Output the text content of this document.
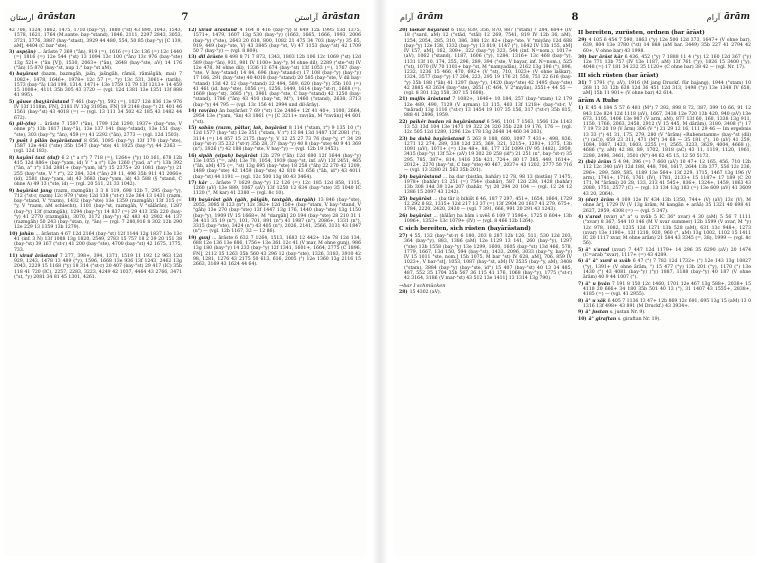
ارستان ārāstan	7	آراستن ārāstan
42 706, 1324, 1862, 1475, 1710 (bay-°y), 1880 (°st) 43 890, 1043, 1543, 1578, 1621, 1764 (M.sante. bay-°stand), 1846, 2111, 2297 2843, 3053, 3721, 3776, 3887 (bay-°stast), 3929 44 480, 554, 50 85 (bay-°y) [C 139, aM], 4404 (C bar °ste).
3) asp(ān) ... ārāste 7 369 (°ān), 919 (=), 1616 (=) 12c 136 (=) 12c 1440 (=) 1816 (=) 12e 544 (°st) 13 1094 13c 100 (°ān) 13c 976 (bay-°ste) 13g 521+ (°ān [V]), 1530, 2063+ (°ān), 2648 (bay-°ste, aV) 14 176 (°ān) 15 870 (bay-°st, aup 1.° bay-°st aM).
4) bayārast (bazm, bazmgāh, jašn, jašngāh, rāmiš, rāmišgāh, mai) 7 1082+, 1478, 1646+, 1978+ 12c 57 (=, °y) 13c 531, 3061+ (tariḥ), 1573 (bay-°ā) 13d 199, 1314, 1471+ 13e 1759 13 79 13f 1213+ 14 459 15 1008+, 4111 35b 305 43 3720 — (vgl. 12d 1381 13e 1351 13f 888 41 995).
5) gāuse (bay)ārāstand 7 461 (bay-°y), 592 (=), 1027 12d 836 13e 976 IV 13f 1118m, FN], 2181 IV 13g 3195m, FN] 19 2148 (bay-°) 21 401 46 1561 (bay-°st) 43 4018 (=) — (vgl. 13 111 34 502 42 185 43 1482 44 672).
6) pil-(dn) ... ārāste 7 1597 (°ān), 1799 12d 1290, 1937+ (bay-°ste, V ohne p°) 13b 1817 (bay-°ā), 13e 137 141 (bay-°stand), 13e 151 (bay-°ste), 303 (bay-°y, °ān), 459 (=) 41 2292 (°ān), 2773 — (vgl. 12d 1503).
7) pušt i pīlān bayārāstand 8 656, 1095 (bay-°y) 13f 170 (bay-°ste), 1587 12e 443 (°ste) 35b 1547 (bay-°ste) 41 1025 (bay-°y) 44 2363 — (vgl. 12d 183).
8) kayānī taxt (daf) 6 2 (° a r°) 7 718 (=), 1264+ (°y) 10 161, 678 12b 415 12d 886+ (bay-°yam, id) V ° a r°) 12e 1260 (°yad, a° r°) 13b 392 (°ān, a° r°) 13d 2881+ (bay-°yam, id°) 15 2375+ 20 1081 (bay-°y) 21 255 (bay-°ste, V ° r°), 22 284, 324 (°ān) 29 11, 496 35b 911 41 2066+ (id), 2581 (bay-°yam, id) 43 3683 (bay-°yam, id) 43 588 (§ °stand, C ohne A) 49 13 (°ste, id) — (vgl. 20 511, 21 33 1042).
9) bayārāst jang (razm, razmgāh) 3 3 8 119, 698 12b 7, 295 (bay-°y), 712 (°st-r, razm) 12c 979 (°ste) 12d 138 (°st-r) 12e 364 13 1431 (razm, bay-°stand, V °razm), 1432 (bay-°ste) 13e 1359 (razmgāh) 13f 315 (= °y, V °razm, aM schlecht), 1101 (bay-°st, razmgāh, V °sālārān), 1287 (bay-°y) 13f (razmgāh), 1294 (bay-°y) 14 837 (=) 29 413 35b 220 (bay-°y) 41 2770 (razmgāh), 3070, 3172 (bay-°y) 42 483 43 2902 44 137 (razmgāh) 50 243 (bay-°stan, iy, °ān) — (vgl. 7 280,916 8 302 12b 290 12e 229 13 1359 13b 1279).
10) jahān ... ārāstan 4 67 12d 2164 (bay-°st) 12f 1144 12g 1837 13e 13c 41 (inf. 3 N) 13f 1088 13g 1820, 2549, 2783 15 757 18 2 39 20 151 38 (bay-°st) 39 167 (°st-r) 41 200 (bay-°ste), 4700 (bay-°st) 42 1675, 1775, 733.
11) xirad ārāstand 7 277, 398+, 394, 1371, 1519 11 192 12 963 12d 929, 1243, 1478 13 489 (°y), 1596, 1668 13e 936 13f 1243, 2462 13g 2043, 2229 15 1168 (°y) 18 314 (°st-r) 20 407 (bay-°st) 29 417 (IC) 35b 118 41 720 (IC), 2257, 2283, 3223, 4249 42 1037, 4464 43 2766, 3471 (°st, °y) 2081 34 81 45 1301, 4261.
12) xirad ārāstand 4 164 8 416 (bay-°y) 8 649 12a 1995 13d 1375, 1571+, 1479, 1607 13g 530 (bay-°y) (1663, 1665, 1666, 1993, 2006 (bay-°y) (°ste), 2643 20 618, 800, 1082 21 475 34 703 (bay-°y) 35 65, 919, 449 (bay-°ste, V) 43 3845 (bay-°st, V) 47 1153 (bay-°st) 42 1709 50 7 (bay-°y) — (vgl. 8 809).
13) dil ārāste 8 498 8 71 7 873, 1343, 1803 12b 106 12c 1069 (°st) 12d 589 (bay-°ān), 931, 981 IV 1100+ bay-°y, M ohne dil), 2289 (°ste-°st) IV 12e 478, M ohne dil), 1336 13 674 (bay-°st) 13f 1053 (=), 1767 (bay-°ste, V bay-°stand) 14 84, 696 (bay-°stand-r) 17 108 (bay-°y) (bay-°y) 17 166, 291 (bay-°ste) 40 4018 (bay-°stand) 20 585 (bay-°ste, V dil bay-°stand) 13d 42 12 (bay-°stand) 22 494, 589, 620 (bay-°y) 35b 103 (=) 41 461 (id, bay-°ste), 1056 (=), 1256, 1449, 1614 (bay-°st-r), 1668 (=), 1669 (bay-°st), 3685 (°y), 3961 (bay-°ste, C bay-°stand) 42 1250 (bay-°stand), 1786 (°ān) 43 410 (bay-°st, M°), 1460 (°stand), 2638, 3713 (bay-°y) 44 795 — (vgl. 13c 156 41 2994 und dil-ārāy).
14) rav(ān) ān bayārāst 7 69 (°st) 12e 2486+ 12f 41 40+, 1100, 2664, 2954 13e (°yam, °ān) 43 1861 (=) [C 3211+ rav(ān, M °ravān)] 44 601 (°st).
15) sabān (razm, pāltar, lak, bayārāst 8 114 (°stam, r°) 9 135 10 (°) 12d 1577 (bay-°st) 12e 351 (°stam, V r°) 13 84 13d 1487 13f 2081 (°r), 3114 (=) 14 857 15 2175 (bay-°y, V 12 25 27 73 76 (bay-°y, r° 34 29 (bay-°st-r) 35 232 (°st-r) 35b 28, 37 (bay-°y) 40 8 (bay-°ste) 40 9 41 369 (n°), 3926 (°) 42 188 (bay-°ste, V bay-°y) — (vgl. 12b 19 1453).
16) sipāh (sipah) bayārāst 12b 279 (°āh) 12d 680 12f 1644 (bay-°y) 13e 1055 (°=, aM) 13e 70, 1054, 1939 (bay-°st, inf. aV) 13f 2451, 465 (°āh, aM) 475 (=, °st) 13g 695 (bay-°ste) 18 258 (°āh) 22 270 42 1209, 1489 (bay-°ste) 42 1459 (bay-°ste) 42 810 43 656 (°āh, id°) 43 4011 (bay-°st) 44 1191 — (vgl. 12c 500 13g 80 43 3464).
17) kār ... ārāste 7 1629 (bay-°y) 12 126 (=) 12c 185 12d 858, 1115, 1260 (aV) 13e 889, 1067 (aV) 13f 1250 12 634 (bay-°ste) 35 1040 IC 1120 (°, M kar) 41 2380 — (vgl. 8c 10).
18) bayārāst gāh (gāh, pālgāh, taxtgāh, dargāh) 13 846 (bay-°ste), 2055, 3085 8 123 (n°) 12c 382+ 12d 150+ (bay-°stam, V bay-°stand, V °gāh) 13e 270 (bay-°ste) 13f 1447 13g 176, 1440 (bay-°ste) 13g 1150 (bay-°y), 1909 IV 15 1668+, M °dargāh] 20 194 (bay-°ste) 28 210 31 1 34 411 35 19 (n°), 101, 701, 891 (n°) 41 1987 (n°), 2086+, 1331 (n°), 3315 (bay-°ste), 3424 (n°) 43 405 (n°), 2026, 2141, 2566, 3131 43 1847 (n°) — (vgl. 12b 1167, 32 — 12 86).
19) gunj ... ārāste 6 632 7 1264, 1513, 1683 12 442+ 12e 78 12d 134, 688 12e 136 13e 686, 1756+ 13e 361 12c 41 (V mar, M ohne gunj), 986 13g 180 (bay-°y) 14 233 (bay-°y) 12f 1341, 1601+, 1664, 2775 (C 1896, FN], 2112 35 1263 35b 560 43 296 12 (bay-°ste), 1326, 3183, 3910 42 98, 1281, 1276 43 2175 50 613, 616, 2005 (°) 12e 1360 13g 2116 15 2663, 3169 43 1624 44 64).
آرام ārām	8	آرام ārām
20) laškar bayārāst 6 183, 839, 356, 870, 887 (°stam) 7 284, 604+ (IV 18 (°sard, aM) 12 (°stād, °stāl) 12 269, 7541, 819 IV 12b 36, aM), 1254, 2054, 285, 310, 386, 388 12c 82+ (bay-°ste, V °miyān) 12d 688 (bay-°y) 12e 138, 1332 (bay-°y) 13 819, 1147 (°), 1642 IV 13b 155, aM] IV 157, aM], 162, 309+, 322 (bay-°y) 323, 544 (inf. N=nom.), 1017+ (aV), 1062 (°stand), 1187, 1606 (°y), 1284, 1316+ 13c 468 (bay-°y), 1131 13f 10, 174, 255, 296, 289, 394 (°ste, V bayar, inf. N=nom.), 525 (°st), 1070 (IV 70 1101+ bay-°st, M °namyadān), 2162 13g 196 (°), 896, 1232, 1236 15 466, 470, 692+ (V °st), 710, 1023+ (V ohne laškar), 1324, 3577 (bay-°y) 17 204, 223, 295 19 176 21 558, 751 22 616 (bay-°y) 35b 188 (°āh) 41 1297 (bay-°y), 1420 (bay-°ste) 42 1495 (bay-°ste) 42 3885 43 2634 (bay-°ste), 2651 (C 464, V 2°miyān), 3551+ 44 55 — (vgl. 8 301 12g 158, 307 15 1608).
21) majlis ārāstand 7 1082+, 1646+ 10 184, 257 (bay-°stam) 12 179 12e 489, 490, 7129 (V ayman) 13 115, 403 13f 1218+ (bay-°st-r, V °mārad) 13g 1116 (°st-r) 13 1454 19 107 35 156, 317 (°st-r) 35b 815, 888 41 2896, 1959.
22) paīkēr budan rā bayārāstand 6 546, 1101 7 1563, 1566 12e 1143 13 53 13d 104 13e 1471 19 322 24 320 35b 228 19 176, 176 — (vgl. 12c 505 12d 1289, 1296 12e 178 13g 2648 14 460 34 203).
23) ba dahā bayārāstand 5 263 8 188, 680, 1097 7 431+, 498, 836, 1271 12 274, 289, 338 12d 235, 369, 321, 1215+, 1293+, 1375, 13b 1091 (aV), 1071+ (=) 13e 48+, 86, 177 13f 1099 (IV 95 1482), 2959, 3415 (bay-°y) 13f 52+ (aV) 19 302 20 258 (id°) 21 251 (n°, bay-°st-r) 35 295, 785, 387+, 814, 1416 35b 421, 724+, 80 17 385, 449, 1614+, 2012+, 2270 (bay-°st, C bay-°ste) 40 467, 2037+ 43 1202, 2777 50 716 — (vgl. 13 3280 21 563 35b 201).
24) bayārāstand ... ba dar (bistān, bahār) 12 78, 98 13 (bistān) 7 1475, 1978+ (bahār) 13 251 (=) 754+ (bahār), 587 12d 238, 1428 (bahār) 13b 308 14d 39 12e 207 (bahār, °y) 20 294 20 104 — (vgl. 12 24 12 1386 15 2097 43 1242).
25) bayārāst ... (ba tār i) bihišt 6 46, 187 7 297, 451+, 1654, 1664, 1729 12 292 8 82, 1315+ 12d 217 13 37 (=) 13f 2904 20 1617 41 279, 675+, 1784, 2220, 2420, 2430 — (vgl. 7 391, 666, 991 20 291 43 1243).
26) bayārāst ... (bālār) ba bām i xvēš 6 109 7 1596+, 1725 8 604+ 13b 1096+, 1353+ 13c 1079+ (IV) — (vgl. 8 466 12b 1264).
C sich bereiten, sich rüsten (bayārāstand)
27) 4 55, 132 (bay-°st-r) 6 180, 203 8 287 12b 126, 511, 530 12d 203, 364 (bay-°y), 883, 1386 (aM) 12e 1129 13 141, 260 (bay-°y), 1297 (°ste) 13b 1558 (bay-°y) 13e 1299, 1600, 1605 (bay-°st) 13d 466, 578, 1779, 1667, 13d 150, 594 (bay-°st), 1433, 2096, 3033 (bay-°y, bay-°y) IV 15 1011 °ste, nom.] 15b 1075, M bar °st) IV 628, aM], 706, 859 IV 1023+, V bar-°st], 1053, 1087 (bay-°st, aM) IV 3535 (bay-°y, aM), 3408 (°stam), 3884 (bay-°y) (bay-°ste, id°) 15 407 (bay-°st) 40 13 34 485, 487, 552 35 1704 35b 567 36 115 41 176, 1068 (bay-°y), 1775 (°st-r) 42 3164, 3186 (V mar-°st) 43 512 13e 1411] 13 1314 13g 790).
→bar I schmücken
28) 15 4302 (aV).
II bereiten, zurüsten, ordnen (bar ārāst)
29) 4 105 6 454 7 590, 1863 (°y) 12e 500 12d 373, 1647+ (V ohne bar), 639, 804 13e 3780 (°st) 14 888 (aM bar. 3449) 35b 227 41 2794 42 60+, V ohne bar) 43 1998.
30) bar ārāst kār 6 436, 452 (°y) 7 1888 11 4 (°y) 12 160 12d 367 (°y) 12e 771 13b 757 (IV 13e 1187, aM) 13f 761 (°y), 1826 15 3400 (°y), 4048 (=) 17 181 34 232 35 1120+ (C ohne bar) 38 42 — (vgl. Nr. 17).
III sich rüsten (bar ārāst)
31) 7 1791 (°y, aV), 1916 (M jang Druckf. für bajang), 1944 (°stam) 10 268 11 33 12b 638 12d 36 451 12d 313, 1498 (°y) 13e 1348 IV 658, aM] 15b 11 901+ (V ohne bar) 42 614.
ārām A Ruhe
1) E 45 4 184 5 57 6 481 (M°) 7 392, 898 8 72, 387, 399 10 66, 91 12 843 12e 824 12d 1118 (aV), 1667, 3438 12e 720 13b 420, 940 (aV) 13e 673, 1105, 1406 13e 987 (V arm, aM), 877 13f 60, 160, 1338 13g 911, 1150, 1766, 2063, 2458, 2912 (V 15 445, M dārām), 3180, 3408 (°) 17 7 19 73 20 19 (V ārm) 306 (V °) 21 29 12 16, 111 29 46 — Im ergebnis 13 33 (°) 41 31, 175, 279, 280 (V °ārām) «Rubenstamm» (bay-°st (dil) (°) (aC)), 659 23 311, 471 (M°) 34 68 — 35 181 (°), 10 (aV) 41 259, 1084, 1087, 1423, 1603, 2255 (=), 2565, 3233, 3629, 4004, 4668 (), 4686 (°y, aM) 42 88, 89, 1702, 1818 (aC) 43 11, 1119, 1120, 1961, 2280, 2496, 3461, 3501 (N°) 44 62 45 15, 12 50 5173.
2) (bā) ārām 5 4 94, 396 (=) 7 660 (aV) 10 47+ 12 165, 456, 710 12b 112 12c 340 (aV) 12d 188, 448, 706, 1617, 2644 13b 377, 556 12c 236, 296+, 299, 589, 585, 1189 13e 564+ 13f 229, 1715, 1467 13g 196 (V arm), 1741+, 1716, 1761 (IV), 1781, 2133+ 15 1187+ 17 189 (C 20 171, M °ārāmī) 20 28, 133, 213 41 545+, 836+, 1324+, 1459, 1863 43 2080, 1751, 2577 (C) — (vgl. 13 134 13g 183 (=) 13e 609 (aV) 41 3609 43 20, 2064).
3) (dar) ārām 4 169 12e IV 434 13b 1350, 744+ (V) (aV) 13c (V), M ohne ār], 1729 IV (V 13g ārām, M kangān + arāā) 35 1321 40 698 41 2627, 2959, 4308 (=) — (vgl. 5 347).
4) x'arad (xvar) a° a° u xvāb 5 IC 36° xvar) 4 30 (aM) 5 56 7 1111 (°xvar) 8 367, 544 10 146 (M V xvar summer) 12b 1599 (V xvar, M °y) 12c 978, 1082, 1235 12d 1271 13b 528 (aM), 631 13c 948+, 1273 (xvar) 13e 1190+, 13f 1218, 920, 960 (°, aM) 13g 1002, 1102 15 1411 IC 20 1117 xvar, M ohne arām) 21 584 43 3345 (=, 38), 1999 — (vgl. 8c 56).
5) ā° x'arad (xvar) 7 447 12d 1179+ 14 296 35 6290 (aV) 20 1474 (C=arab °xvar), 1117+ (=) 43 4289.
6) ā° ā° xurd u xvāb 6 47 (°) 7 782 12d 1732+ (°) 12e 143 13g 10827 (°y), 1391+ (V ohne ārām, °) 15 477 (°y) 13h 201 (°y), 1170 (°) 13e 1430 (°) 43 4081 (bay-°y) (°y) 1887, 1188 (bay-°y) 40 187 (V ohne ārām) 40 9 44 1007 (°).
7) ā° u ḫvān 7 191 8 150 12c 1460, 1701 12e 467 13g 588+, 2038+ 15 4118 20 666+ 34 180 35b 501 40 13 (°), 31 1407 43 1555+, 2838+, 4185 (=) — (vgl. 41 2955).
8) ā° u xāk 6 405 7 1136 13 47+ 12b 869 12c 691, 695 13g 15 (aM) 13 0 1316 13f 498+ 43 891 (M Druckf.) 43 3934+.
9) ā° justan s. justan Nr. 9).
10) ā° giraftan s. giraftan Nr. 19).
